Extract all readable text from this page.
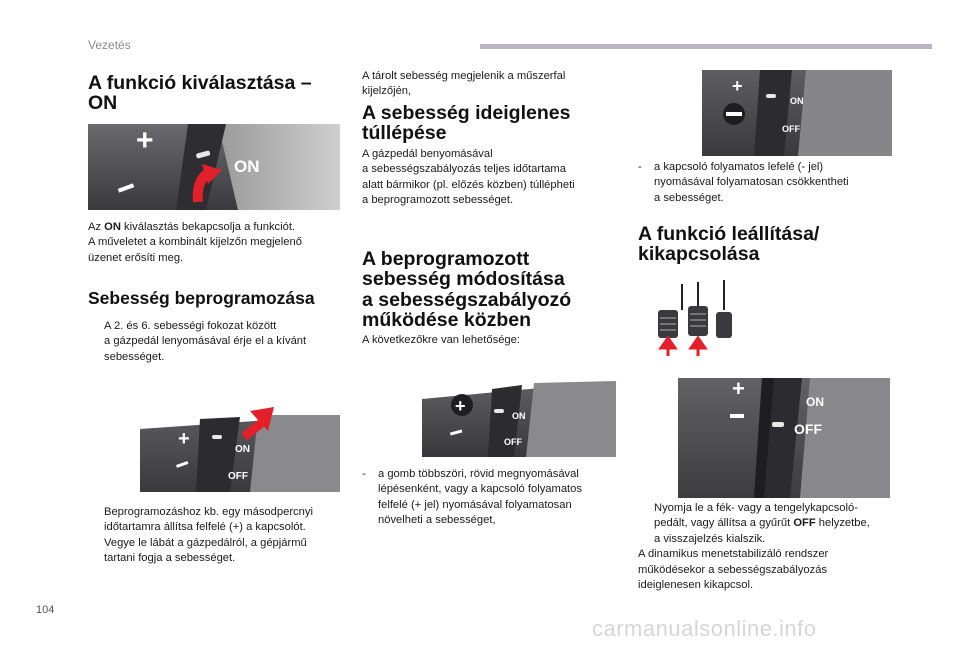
Vezetés
A funkció kiválasztása –
ON
+
ON
Az ON kiválasztás bekapcsolja a funkciót.
A műveletet a kombinált kijelzőn megjelenő
üzenet erősíti meg.
Sebesség beprogramozása
A 2. és 6. sebességi fokozat között
a gázpedál lenyomásával érje el a kívánt
sebességet.
+	ON
OFF
Beprogramozáshoz kb. egy másodpercnyi
időtartamra állítsa felfelé (+) a kapcsolót.
Vegye le lábát a gázpedálról, a gépjármű
tartani fogja a sebességet.
A tárolt sebesség megjelenik a műszerfal
kijelzőjén,
A sebesség ideiglenes
túllépése
A gázpedál benyomásával
a sebességszabályozás teljes időtartama
alatt bármikor (pl. előzés közben) túllépheti
a beprogramozott sebességet.
A beprogramozott
sebesség módosítása
a sebességszabályozó
működése közben
A következőkre van lehetősége:
+	ON
OFF
-	a gomb többszöri, rövid megnyomásával
lépésenként, vagy a kapcsoló folyamatos
felfelé (+ jel) nyomásával folyamatosan
növelheti a sebességet,
+
ON
OFF
-	a kapcsoló folyamatos lefelé (- jel)
nyomásával folyamatosan csökkentheti
a sebességet.
A funkció leállítása/
kikapcsolása
+
ON
OFF
Nyomja le a fék- vagy a tengelykapcsoló-
pedált, vagy állítsa a gyűrűt OFF helyzetbe,
a visszajelzés kialszik.
A dinamikus menetstabilizáló rendszer
működésekor a sebességszabályozás
ideiglenesen kikapcsol.
104
carmanualsonline.info
